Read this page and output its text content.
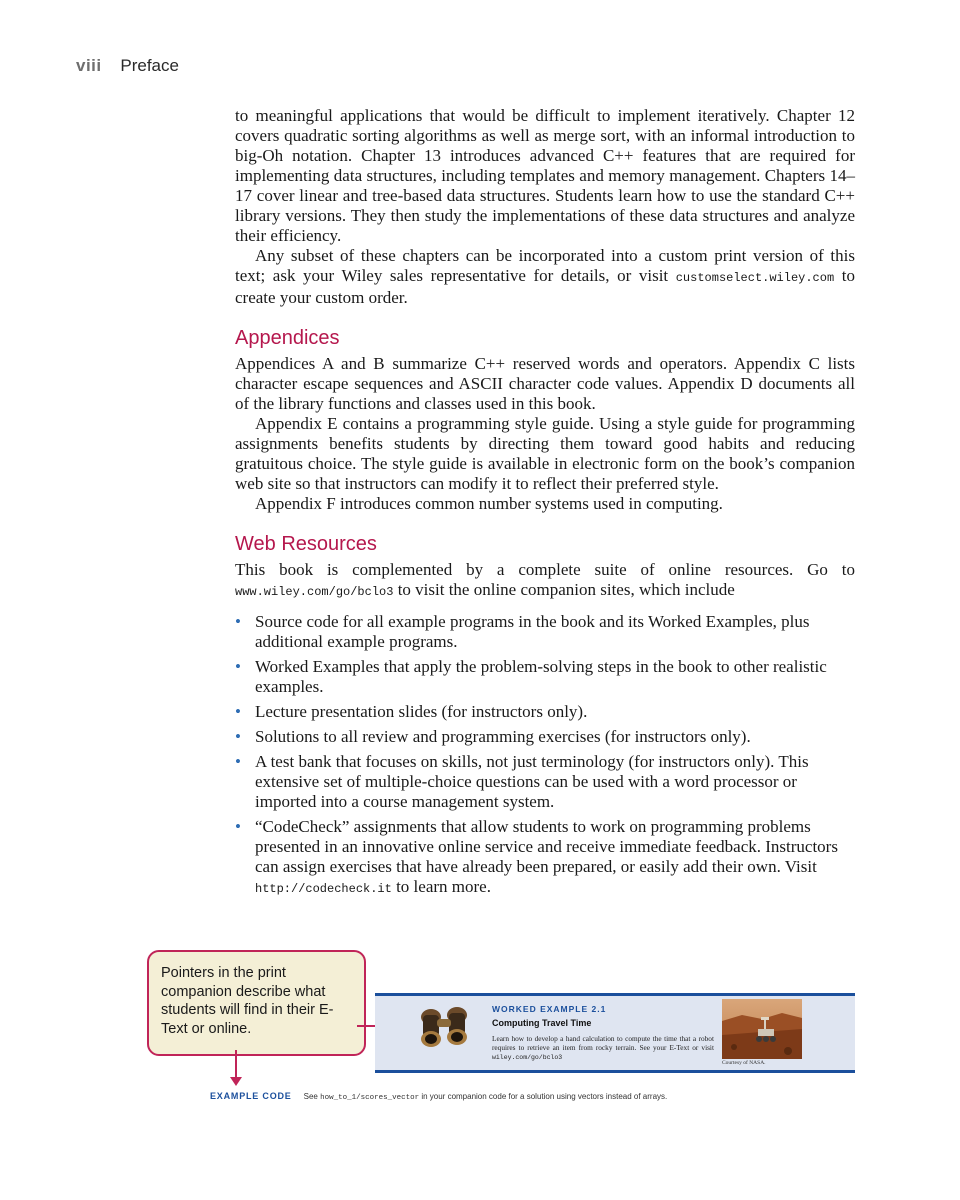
viii Preface

to meaningful applications that would be difficult to implement iteratively. Chapter 12 covers quadratic sorting algorithms as well as merge sort, with an informal introduction to big-Oh notation. Chapter 13 introduces advanced C++ features that are required for implementing data structures, including templates and memory management. Chapters 14–17 cover linear and tree-based data structures. Students learn how to use the standard C++ library versions. They then study the implementations of these data structures and analyze their efficiency.

Any subset of these chapters can be incorporated into a custom print version of this text; ask your Wiley sales representative for details, or visit customselect.wiley.com to create your custom order.

Appendices

Appendices A and B summarize C++ reserved words and operators. Appendix C lists character escape sequences and ASCII character code values. Appendix D documents all of the library functions and classes used in this book.

Appendix E contains a programming style guide. Using a style guide for programming assignments benefits students by directing them toward good habits and reducing gratuitous choice. The style guide is available in electronic form on the book’s companion web site so that instructors can modify it to reflect their preferred style.

Appendix F introduces common number systems used in computing.

Web Resources

This book is complemented by a complete suite of online resources. Go to www.wiley.com/go/bclo3 to visit the online companion sites, which include

• Source code for all example programs in the book and its Worked Examples, plus additional example programs.
• Worked Examples that apply the problem-solving steps in the book to other realistic examples.
• Lecture presentation slides (for instructors only).
• Solutions to all review and programming exercises (for instructors only).
• A test bank that focuses on skills, not just terminology (for instructors only). This extensive set of multiple-choice questions can be used with a word processor or imported into a course management system.
• “CodeCheck” assignments that allow students to work on programming problems presented in an innovative online service and receive immediate feedback. Instructors can assign exercises that have already been prepared, or easily add their own. Visit http://codecheck.it to learn more.
Pointers in the print companion describe what students will find in their E-Text or online.
WORKED EXAMPLE 2.1
Computing Travel Time
Learn how to develop a hand calculation to compute the time that a robot requires to retrieve an item from rocky terrain. See your E-Text or visit wiley.com/go/bclo3
Courtesy of NASA.
EXAMPLE CODE See how_to_1/scores_vector in your companion code for a solution using vectors instead of arrays.
